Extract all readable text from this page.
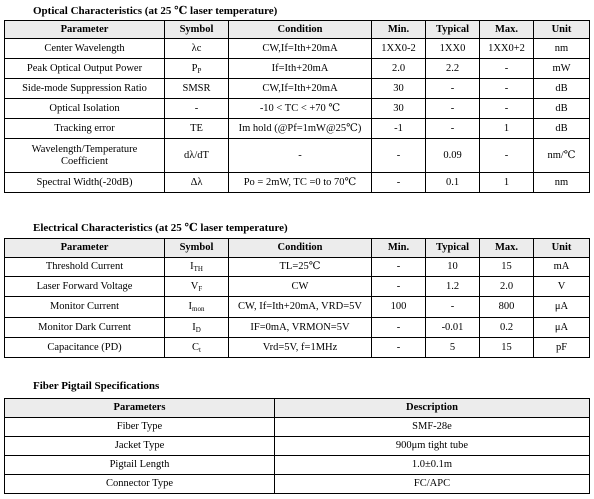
Optical Characteristics (at 25 ℃ laser temperature)
Parameter	Symbol	Condition	Min.	Typical	Max.	Unit
Center Wavelength	λc	CW,If=Ith+20mA	1XX0-2	1XX0	1XX0+2	nm
Peak Optical Output Power	$P_P$	If=Ith+20mA	2.0	2.2	-	mW
Side-mode Suppression Ratio	SMSR	CW,If=Ith+20mA	30	-	-	dB
Optical Isolation	-	-10 < TC < +70 ℃	30	-	-	dB
Tracking error	TE	Im hold (@Pf=1mW@25℃)	-1	-	1	dB
Wavelength/Temperature Coefficient	dλ/dT	-	-	0.09	-	nm/℃
Spectral Width(-20dB)	Δλ	Po = 2mW, TC =0 to 70℃	-	0.1	1	nm
Electrical Characteristics (at 25 ℃ laser temperature)
Parameter	Symbol	Condition	Min.	Typical	Max.	Unit
Threshold Current	$I_{TH}$	TL=25℃	-	10	15	mA
Laser Forward Voltage	$V_F$	CW	-	1.2	2.0	V
Monitor Current	$I_{mon}$	CW, If=Ith+20mA, VRD=5V	100	-	800	μA
Monitor Dark Current	$I_D$	IF=0mA, VRMON=5V	-	-0.01	0.2	μA
Capacitance (PD)	$C_t$	Vrd=5V, f=1MHz	-	5	15	pF
Fiber Pigtail Specifications
Parameters	Description
Fiber Type	SMF-28e
Jacket Type	900μm tight tube
Pigtail Length	1.0±0.1m
Connector Type	FC/APC
